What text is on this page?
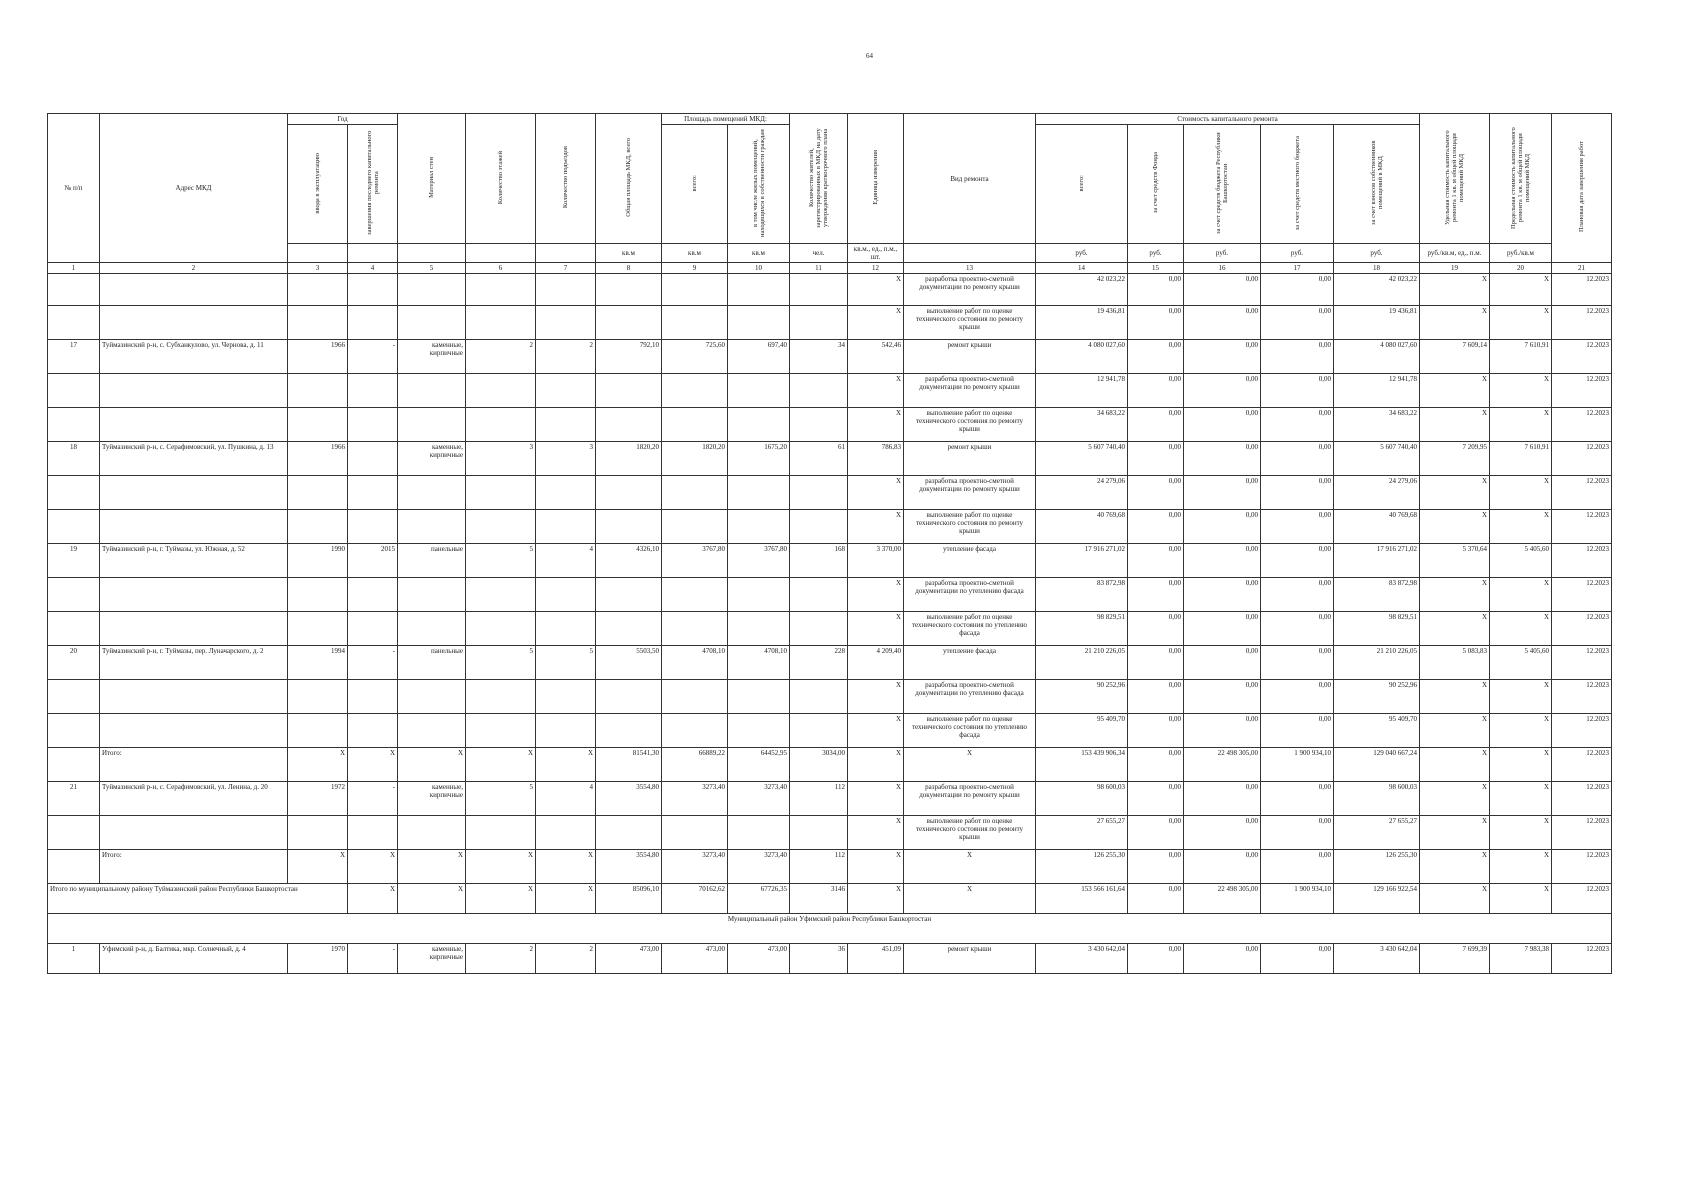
64
№ п/п	Адрес МКД	Год		Материал стен	Количество этажей	Количество подъездов	Общая площадь МКД, всего	Площадь помещений МКД:		Количество жителей, зарегистрированных в МКД на дату утверждения краткосрочного плана	Единица измерения	Вид ремонта	Стоимость капитального ремонта					Удельная стоимость капитального ремонта 1 кв. м общей площади помещений МКД	Предельная стоимость капитального ремонта 1 кв. м общей площади помещений МКД	Плановая дата завершения работ
		ввода в эксплуатацию	завершения последнего капитального ремонта					всего:	в том числе жилых помещений, находящихся в собственности граждан				всего:	за счет средств Фонда	за счет средств бюджета Республики Башкортостан	за счет средств местного бюджета	за счет взносов собственников помещений в МКД			
							кв.м	кв.м	кв.м	чел.	кв.м., ед., п.м., шт.		руб.	руб.	руб.	руб.	руб.	руб./кв.м, ед., п.м.	руб./кв.м	
1	2	3	4	5	6	7	8	9	10	11	12	13	14	15	16	17	18	19	20	21
											X	разработка проектно-сметной документации по ремонту крыши	42 023,22	0,00	0,00	0,00	42 023,22	X	X	12.2023
											X	выполнение работ по оценке технического состояния по ремонту крыши	19 436,81	0,00	0,00	0,00	19 436,81	X	X	12.2023
17	Туймазинский р-н, с. Субханкулово, ул. Чернова, д. 11	1966	-	каменные, кирпичные	2	2	792,10	725,60	697,40	34	542,46	ремонт крыши	4 080 027,60	0,00	0,00	0,00	4 080 027,60	7 609,14	7 610,91	12.2023
											X	разработка проектно-сметной документации по ремонту крыши	12 941,78	0,00	0,00	0,00	12 941,78	X	X	12.2023
											X	выполнение работ по оценке технического состояния по ремонту крыши	34 683,22	0,00	0,00	0,00	34 683,22	X	X	12.2023
18	Туймазинский р-н, с. Серафимовский, ул. Пушкина, д. 13	1966		каменные, кирпичные	3	3	1820,20	1820,20	1675,20	61	786,83	ремонт крыши	5 607 740,40	0,00	0,00	0,00	5 607 740,40	7 209,95	7 610,91	12.2023
											X	разработка проектно-сметной документации по ремонту крыши	24 279,06	0,00	0,00	0,00	24 279,06	X	X	12.2023
											X	выполнение работ по оценке технического состояния по ремонту крыши	40 769,68	0,00	0,00	0,00	40 769,68	X	X	12.2023
19	Туймазинский р-н, г. Туймазы, ул. Южная, д. 52	1990	2015	панельные	5	4	4326,10	3767,80	3767,80	168	3 370,00	утепление фасада	17 916 271,02	0,00	0,00	0,00	17 916 271,02	5 370,64	5 405,60	12.2023
											X	разработка проектно-сметной документации по утеплению фасада	83 872,98	0,00	0,00	0,00	83 872,98	X	X	12.2023
											X	выполнение работ по оценке технического состояния по утеплению фасада	98 829,51	0,00	0,00	0,00	98 829,51	X	X	12.2023
20	Туймазинский р-н, г. Туймазы, пер. Луначарского, д. 2	1994	-	панельные	5	5	5503,50	4708,10	4708,10	228	4 209,40	утепление фасада	21 210 226,05	0,00	0,00	0,00	21 210 226,05	5 083,83	5 405,60	12.2023
											X	разработка проектно-сметной документации по утеплению фасада	90 252,96	0,00	0,00	0,00	90 252,96	X	X	12.2023
											X	выполнение работ по оценке технического состояния по утеплению фасада	95 409,70	0,00	0,00	0,00	95 409,70	X	X	12.2023
	Итого:	X	X	X	X	X	81541,30	66889,22	64452,95	3034,00	X	X	153 439 906,34	0,00	22 498 305,00	1 900 934,10	129 040 667,24	X	X	12.2023
21	Туймазинский р-н, с. Серафимовский, ул. Ленина, д. 20	1972	-	каменные, кирпичные	5	4	3554,80	3273,40	3273,40	112	X	разработка проектно-сметной документации по ремонту крыши	98 600,03	0,00	0,00	0,00	98 600,03	X	X	12.2023
											X	выполнение работ по оценке технического состояния по ремонту крыши	27 655,27	0,00	0,00	0,00	27 655,27	X	X	12.2023
	Итого:	X	X	X	X	X	3554,80	3273,40	3273,40	112	X	X	126 255,30	0,00	0,00	0,00	126 255,30	X	X	12.2023
Итого по муниципальному району Туймазинский район Республики Башкортостан			X	X	X	X	85096,10	70162,62	67726,35	3146	X	X	153 566 161,64	0,00	22 498 305,00	1 900 934,10	129 166 922,54	X	X	12.2023
Муниципальный район Уфимский район Республики Башкортостан																				
1	Уфимский р-н, д. Балтика, мкр. Солнечный, д. 4	1970	-	каменные, кирпичные	2	2	473,00	473,00	473,00	36	451,09	ремонт крыши	3 430 642,04	0,00	0,00	0,00	3 430 642,04	7 699,39	7 983,38	12.2023
